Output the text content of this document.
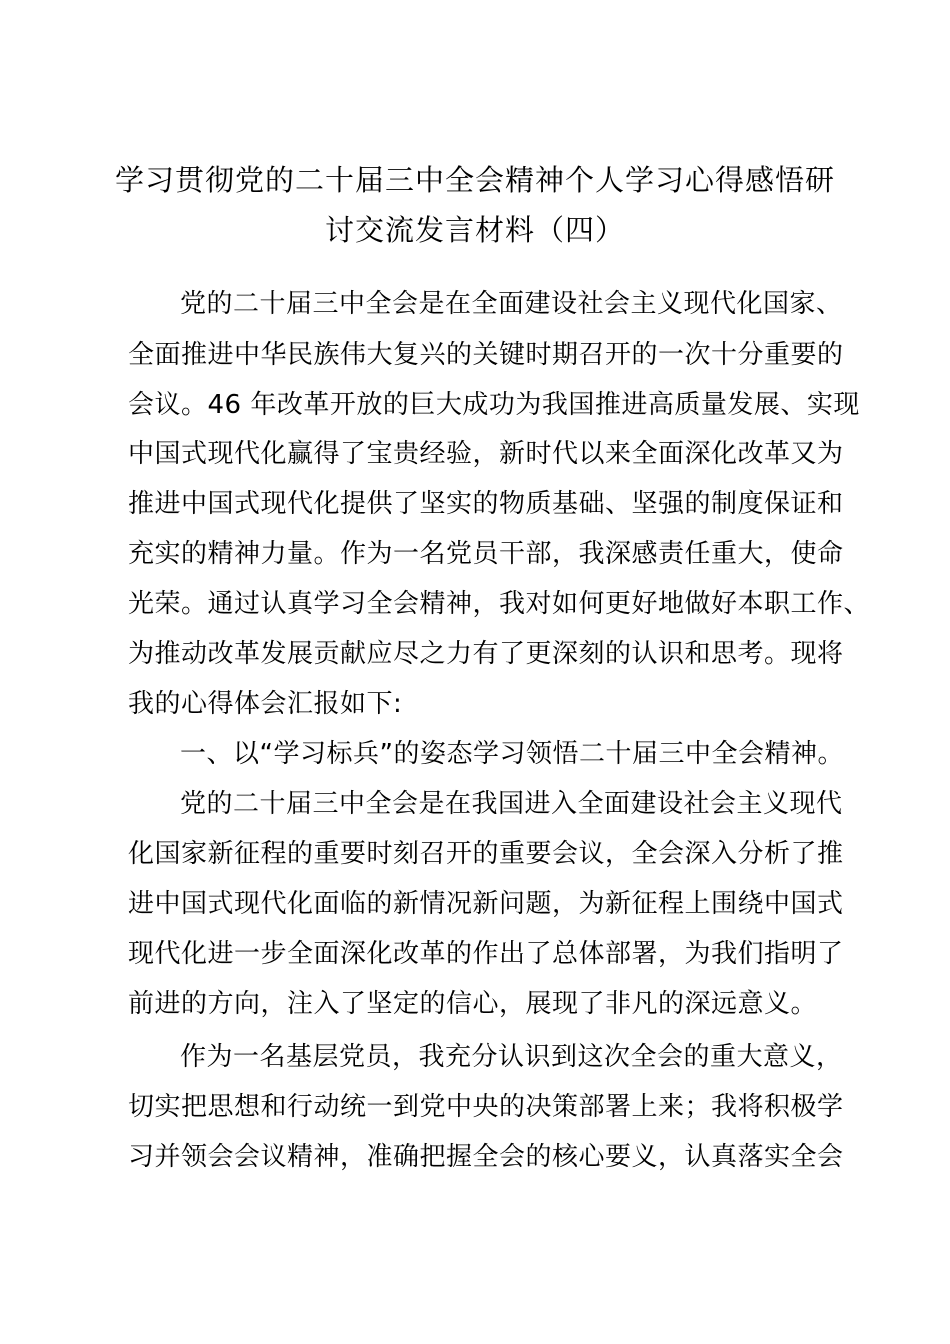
学习贯彻党的二十届三中全会精神个人学习心得感悟研
讨交流发言材料（四）
党的二十届三中全会是在全面建设社会主义现代化国家、
全面推进中华民族伟大复兴的关键时期召开的一次十分重要的
会议。46 年改革开放的巨大成功为我国推进高质量发展、实现
中国式现代化赢得了宝贵经验，新时代以来全面深化改革又为
推进中国式现代化提供了坚实的物质基础、坚强的制度保证和
充实的精神力量。作为一名党员干部，我深感责任重大，使命
光荣。通过认真学习全会精神，我对如何更好地做好本职工作、
为推动改革发展贡献应尽之力有了更深刻的认识和思考。现将
我的心得体会汇报如下:
一、以“学习标兵”的姿态学习领悟二十届三中全会精神。
党的二十届三中全会是在我国进入全面建设社会主义现代
化国家新征程的重要时刻召开的重要会议，全会深入分析了推
进中国式现代化面临的新情况新问题，为新征程上围绕中国式
现代化进一步全面深化改革的作出了总体部署，为我们指明了
前进的方向，注入了坚定的信心，展现了非凡的深远意义。
作为一名基层党员，我充分认识到这次全会的重大意义，
切实把思想和行动统一到党中央的决策部署上来；我将积极学
习并领会会议精神，准确把握全会的核心要义，认真落实全会
